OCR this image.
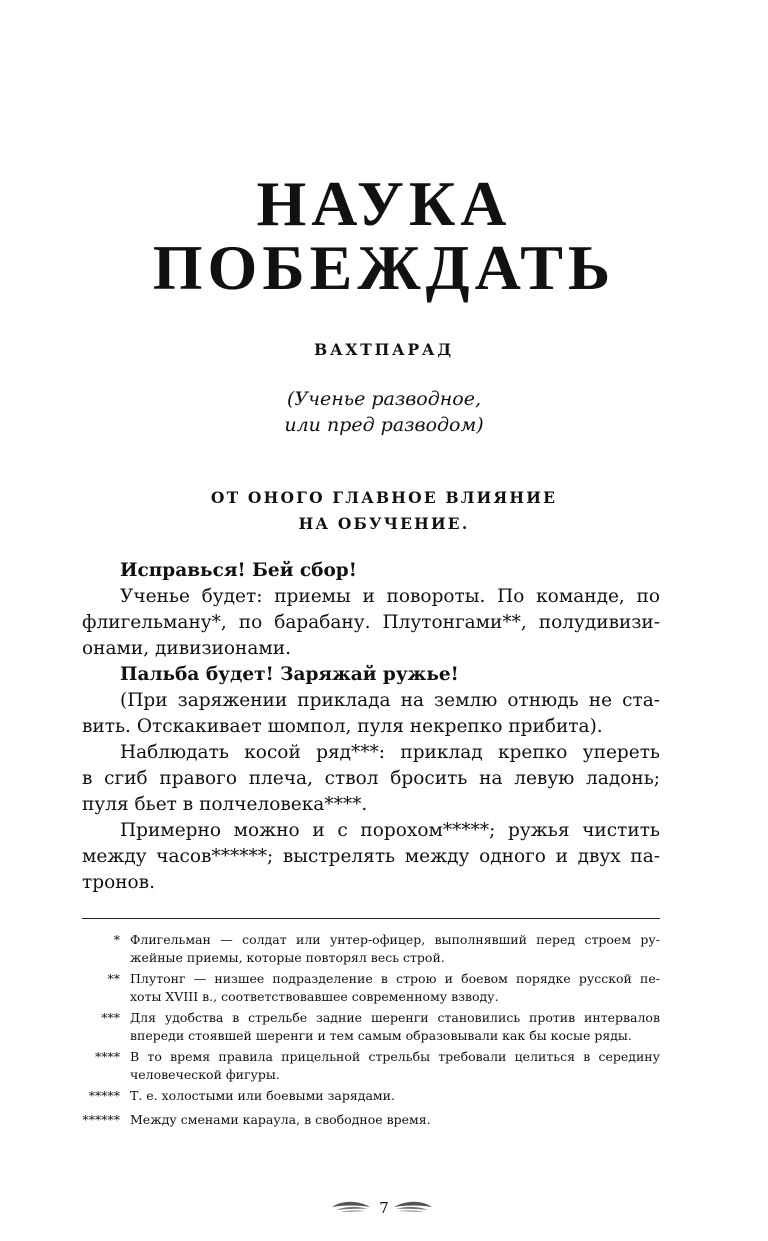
НАУКА
ПОБЕЖДАТЬ
ВАХТПАРАД
(Ученье разводное,
или пред разводом)
ОТ ОНОГО ГЛАВНОЕ ВЛИЯНИЕ
НА ОБУЧЕНИЕ.
Исправься! Бей сбор!
Ученье будет: приемы и повороты. По команде, по
флигельману*, по барабану. Плутонгами**, полудивизи-
онами, дивизионами.
Пальба будет! Заряжай ружье!
(При заряжении приклада на землю отнюдь не ста-
вить. Отскакивает шомпол, пуля некрепко прибита).
Наблюдать косой ряд***: приклад крепко упереть
в сгиб правого плеча, ствол бросить на левую ладонь;
пуля бьет в полчеловека****.
Примерно можно и с порохом*****; ружья чистить
между часов******; выстрелять между одного и двух па-
тронов.
* Флигельман — солдат или унтер-офицер, выполнявший перед строем ру-
жейные приемы, которые повторял весь строй.
** Плутонг — низшее подразделение в строю и боевом порядке русской пе-
хоты XVIII в., соответствовавшее современному взводу.
*** Для удобства в стрельбе задние шеренги становились против интервалов
впереди стоявшей шеренги и тем самым образовывали как бы косые ряды.
**** В то время правила прицельной стрельбы требовали целиться в середину
человеческой фигуры.
***** Т. е. холостыми или боевыми зарядами.
****** Между сменами караула, в свободное время.
7
